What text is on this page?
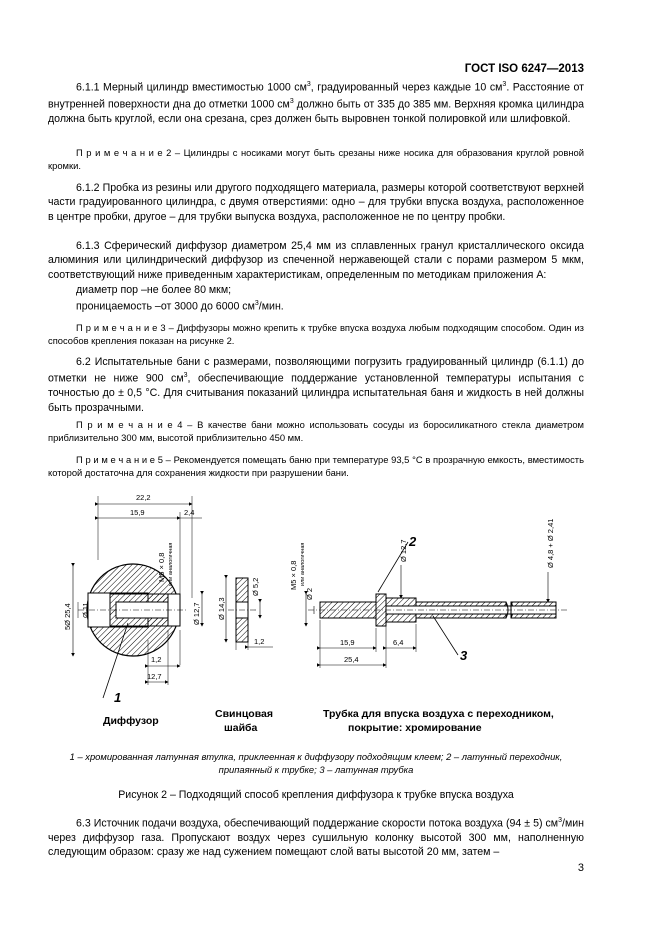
ГОСТ ISO 6247—2013
6.1.1 Мерный цилиндр вместимостью 1000 $см^3$, градуированный через каждые 10 $см^3$. Расстояние от внутренней поверхности дна до отметки 1000 $см^3$ должно быть от 335 до 385 мм. Верхняя кромка цилиндра должна быть круглой, если она срезана, срез должен быть выровнен тонкой полировкой или шлифовкой.
П р и м е ч а н и е 2 – Цилиндры с носиками могут быть срезаны ниже носика для образования круглой ровной кромки.
6.1.2 Пробка из резины или другого подходящего материала, размеры которой соответствуют верхней части градуированного цилиндра, с двумя отверстиями: одно – для трубки впуска воздуха, расположенное в центре пробки, другое – для трубки выпуска воздуха, расположенное не по центру пробки.
6.1.3 Сферический диффузор диаметром 25,4 мм из сплавленных гранул кристаллического оксида алюминия или цилиндрический диффузор из спеченной нержавеющей стали с порами размером 5 мкм, соответствующий ниже приведенным характеристикам, определенным по методикам приложения А:
диаметр пор –не более 80 мкм;
проницаемость –от 3000 до 6000 $см^3$/мин.
П р и м е ч а н и е 3 – Диффузоры можно крепить к трубке впуска воздуха любым подходящим способом. Один из способов крепления показан на рисунке 2.
6.2 Испытательные бани с размерами, позволяющими погрузить градуированный цилиндр (6.1.1) до отметки не ниже 900 $см^3$, обеспечивающие поддержание установленной температуры испытания с точностью до ± 0,5 °С. Для считывания показаний цилиндра испытательная баня и жидкость в ней должны быть прозрачными.
П р и м е ч а н и е 4 – В качестве бани можно использовать сосуды из боросиликатного стекла диаметром приблизительно 300 мм, высотой приблизительно 450 мм.
П р и м е ч а н и е 5 – Рекомендуется помещать баню при температуре 93,5 °С в прозрачную емкость, вместимость которой достаточна для сохранения жидкости при разрушении бани.
22,2
15,9	2,4
5Ø 25,4 Ø 11
M5 × 0,8 или аналогичная
Ø 12,7
1,2
12,7
1
Диффузор
Ø 14,3
Ø 5,2
1,2
Свинцовая
шайба
M5 × 0,8 или аналогичная
Ø 2
Ø 12,7	Ø 4,8 + Ø 2,41
15,9	6,4
25,4
2
3
Трубка для впуска воздуха с переходником,
покрытие: хромирование
1 – хромированная латунная втулка, приклеенная к диффузору подходящим клеем; 2 – латунный переходник, припаянный к трубке; 3 – латунная трубка
Рисунок 2 – Подходящий способ крепления диффузора к трубке впуска воздуха
6.3 Источник подачи воздуха, обеспечивающий поддержание скорости потока воздуха (94 ± 5) $см^3$/мин через диффузор газа. Пропускают воздух через сушильную колонку высотой 300 мм, наполненную следующим образом: сразу же над сужением помещают слой ваты высотой 20 мм, затем –
3
